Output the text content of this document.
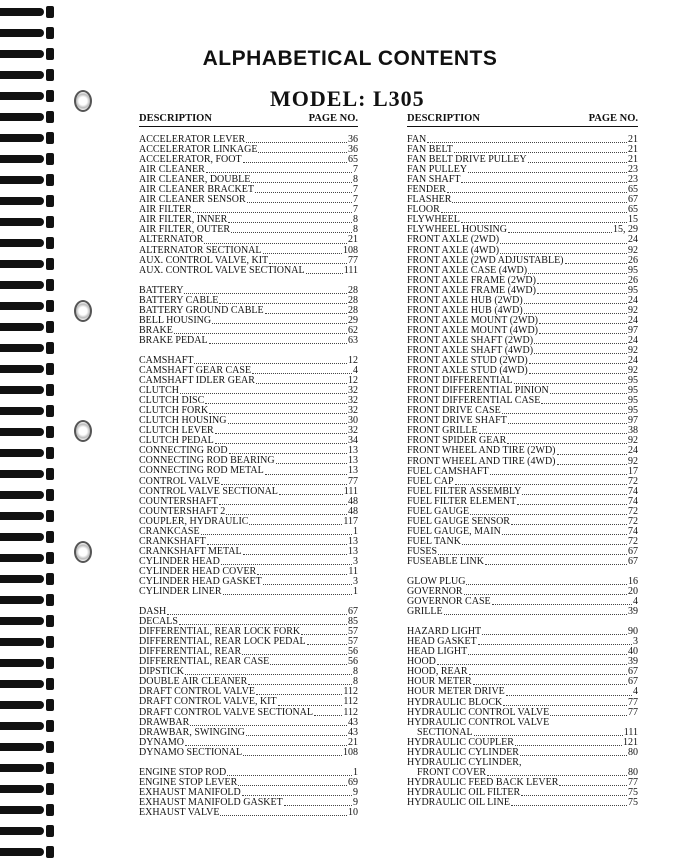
ALPHABETICAL CONTENTS
MODEL: L305
DESCRIPTION	PAGE NO.
ACCELERATOR LEVER	36
ACCELERATOR LINKAGE	36
ACCELERATOR, FOOT	65
AIR CLEANER	7
AIR CLEANER, DOUBLE	8
AIR CLEANER BRACKET	7
AIR CLEANER SENSOR	7
AIR FILTER	7
AIR FILTER, INNER	8
AIR FILTER, OUTER	8
ALTERNATOR	21
ALTERNATOR SECTIONAL	108
AUX. CONTROL VALVE, KIT	77
AUX. CONTROL VALVE SECTIONAL	111
BATTERY	28
BATTERY CABLE	28
BATTERY GROUND CABLE	28
BELL HOUSING	29
BRAKE	62
BRAKE PEDAL	63
CAMSHAFT	12
CAMSHAFT GEAR CASE	4
CAMSHAFT IDLER GEAR	12
CLUTCH	32
CLUTCH DISC	32
CLUTCH FORK	32
CLUTCH HOUSING	30
CLUTCH LEVER	32
CLUTCH PEDAL	34
CONNECTING ROD	13
CONNECTING ROD BEARING	13
CONNECTING ROD METAL	13
CONTROL VALVE	77
CONTROL VALVE SECTIONAL	111
COUNTERSHAFT	48
COUNTERSHAFT 2	48
COUPLER, HYDRAULIC	117
CRANKCASE	1
CRANKSHAFT	13
CRANKSHAFT METAL	13
CYLINDER HEAD	3
CYLINDER HEAD COVER	11
CYLINDER HEAD GASKET	3
CYLINDER LINER	1
DASH	67
DECALS	85
DIFFERENTIAL, REAR LOCK FORK	57
DIFFERENTIAL, REAR LOCK PEDAL	57
DIFFERENTIAL, REAR	56
DIFFERENTIAL, REAR CASE	56
DIPSTICK	8
DOUBLE AIR CLEANER	8
DRAFT CONTROL VALVE	112
DRAFT CONTROL VALVE, KIT	112
DRAFT CONTROL VALVE SECTIONAL	112
DRAWBAR	43
DRAWBAR, SWINGING	43
DYNAMO	21
DYNAMO SECTIONAL	108
ENGINE STOP ROD	1
ENGINE STOP LEVER	69
EXHAUST MANIFOLD	9
EXHAUST MANIFOLD GASKET	9
EXHAUST VALVE	10
DESCRIPTION	PAGE NO.
FAN	21
FAN BELT	21
FAN BELT DRIVE PULLEY	21
FAN PULLEY	23
FAN SHAFT	23
FENDER	65
FLASHER	67
FLOOR	65
FLYWHEEL	15
FLYWHEEL HOUSING	15, 29
FRONT AXLE (2WD)	24
FRONT AXLE (4WD)	92
FRONT AXLE (2WD ADJUSTABLE)	26
FRONT AXLE CASE (4WD)	95
FRONT AXLE FRAME (2WD)	26
FRONT AXLE FRAME (4WD)	95
FRONT AXLE HUB (2WD)	24
FRONT AXLE HUB (4WD)	92
FRONT AXLE MOUNT (2WD)	24
FRONT AXLE MOUNT (4WD)	97
FRONT AXLE SHAFT (2WD)	24
FRONT AXLE SHAFT (4WD)	92
FRONT AXLE STUD (2WD)	24
FRONT AXLE STUD (4WD)	92
FRONT DIFFERENTIAL	95
FRONT DIFFERENTIAL PINION	95
FRONT DIFFERENTIAL CASE	95
FRONT DRIVE CASE	95
FRONT DRIVE SHAFT	97
FRONT GRILLE	38
FRONT SPIDER GEAR	92
FRONT WHEEL AND TIRE (2WD)	24
FRONT WHEEL AND TIRE (4WD)	92
FUEL CAMSHAFT	17
FUEL CAP	72
FUEL FILTER ASSEMBLY	74
FUEL FILTER ELEMENT	74
FUEL GAUGE	72
FUEL GAUGE SENSOR	72
FUEL GAUGE, MAIN	74
FUEL TANK	72
FUSES	67
FUSEABLE LINK	67
GLOW PLUG	16
GOVERNOR	20
GOVERNOR CASE	4
GRILLE	39
HAZARD LIGHT	90
HEAD GASKET	3
HEAD LIGHT	40
HOOD	39
HOOD, REAR	67
HOUR METER	67
HOUR METER DRIVE	4
HYDRAULIC BLOCK	77
HYDRAULIC CONTROL VALVE	77
HYDRAULIC CONTROL VALVE
SECTIONAL	111
HYDRAULIC COUPLER	121
HYDRAULIC CYLINDER	80
HYDRAULIC CYLINDER,
FRONT COVER	80
HYDRAULIC FEED BACK LEVER	77
HYDRAULIC OIL FILTER	75
HYDRAULIC OIL LINE	75
